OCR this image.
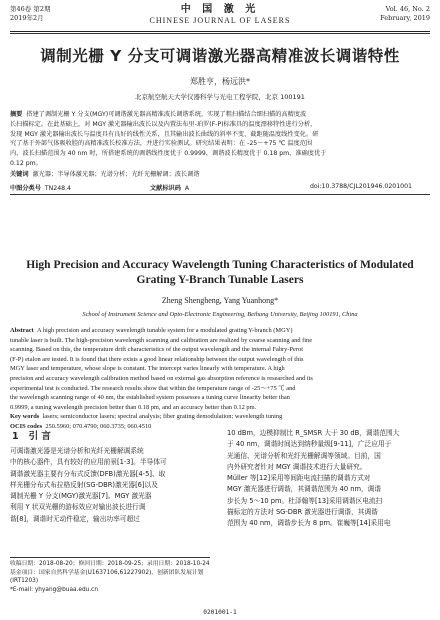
第46卷 第2期
2019年2月
中 国 激 光
CHINESE JOURNAL OF LASERS
Vol. 46, No. 2
February, 2019
调制光栅 Y 分支可调谐激光器高精准波长调谐特性
郑胜亨，杨远洪*
北京航空航天大学仪器科学与光电工程学院，北京 100191
摘要 搭建了调制光栅 Y 分支(MGY)可调谐激光器高精准波长调谐系统，实现了粗扫描结合细扫描的高精度波
长扫描标定。在此基础上，对 MGY 激光器输出波长以及内置法布里-珀罗(F-P)标准具的温度漂移特性进行分析，
发现 MGY 激光器输出波长与温度具有良好的线性关系，且其输出波长曲线的斜率不变、截距随温度线性变化。研
究了基于外部气体吸收腔的高精准波长校准方法，并进行实验测试。研究结果表明：在 -25～+75 ℃ 温度范围
内，波长扫描范围为 40 nm 时，所搭建系统的调谐线性度优于 0.9999，调谐波长精度优于 0.18 pm，准确度优于
0.12 pm。
关键词 激光器；半导体激光器；光谱分析；光纤光栅解调；波长调谐
中图分类号 TN248.4	文献标识码 A	doi:10.3788/CJL201946.0201001
High Precision and Accuracy Wavelength Tuning Characteristics of Modulated
Grating Y-Branch Tunable Lasers
Zheng Shengheng, Yang Yuanhong*
School of Instrument Science and Opto-Electronic Engineering, Beihang University, Beijing 100191, China
Abstract A high precision and accuracy wavelength tunable system for a modulated grating Y-branch (MGY)
tunable laser is built. The high-precision wavelength scanning and calibration are realized by coarse scanning and fine
scanning. Based on this, the temperature drift characteristics of the output wavelength and the internal Fabry-Perot
(F-P) etalon are tested. It is found that there exists a good linear relationship between the output wavelength of this
MGY laser and temperature, whose slope is constant. The intercept varies linearly with temperature. A high
precision and accuracy wavelength calibration method based on external gas absorption reference is researched and its
experimental test is conducted. The research results show that within the temperature range of -25～+75 ℃ and
the wavelength scanning range of 40 nm, the established system possesses a tuning curve linearity better than
0.9999, a tuning wavelength precision better than 0.18 pm, and an accuracy better than 0.12 pm.
Key words lasers; semiconductor lasers; spectral analysis; fiber grating demodulation; wavelength tuning
OCIS codes 250.5960; 070.4790; 060.3735; 060.4510
1 引 言
可调谐激光器是光谱分析和光纤光栅解调系统
中的核心器件，具有较好的应用前景[1-3]。半导体可
调谐激光器主要有分布式反馈(DFB)激光器[4-5]、取
样光栅分布式布拉格反射(SG-DBR)激光器[6]以及
调制光栅 Y 分支(MGY)激光器[7]。MGY 激光器
利用 Y 状双光栅的游标效应对输出波长进行调
谐[8]，调谐时无动件稳定，输出功率可超过
10 dBm，边模抑制比 R_SMSR 大于 30 dB，调谐范围大
于 40 nm，调谐时间达到纳秒量级[9-11]，广泛应用于
光通信、光谱分析和光纤光栅解调等领域。目前，国
内外研究者针对 MGY 调谐技术进行大量研究。
Müller 等[12]采用等间距电流扫描的调谐方式对
MGY 激光器进行调谐，其调谐范围为 40 nm，调谐
步长为 5～10 pm。杜泽翰等[13]采用调谐区电流扫
描标定的方法对 SG-DBR 激光器进行调谐，其调谐
范围为 40 nm，调谐步长为 8 pm。崔巍等[14]采用电
收稿日期：2018-08-20；修回日期：2018-09-25；录用日期：2018-10-24
基金项目：国家自然科学基金(U1637106,61227902)，创新团队发展计划(IRT1203)
*E-mail: yhyang@buaa.edu.cn
0201001-1
